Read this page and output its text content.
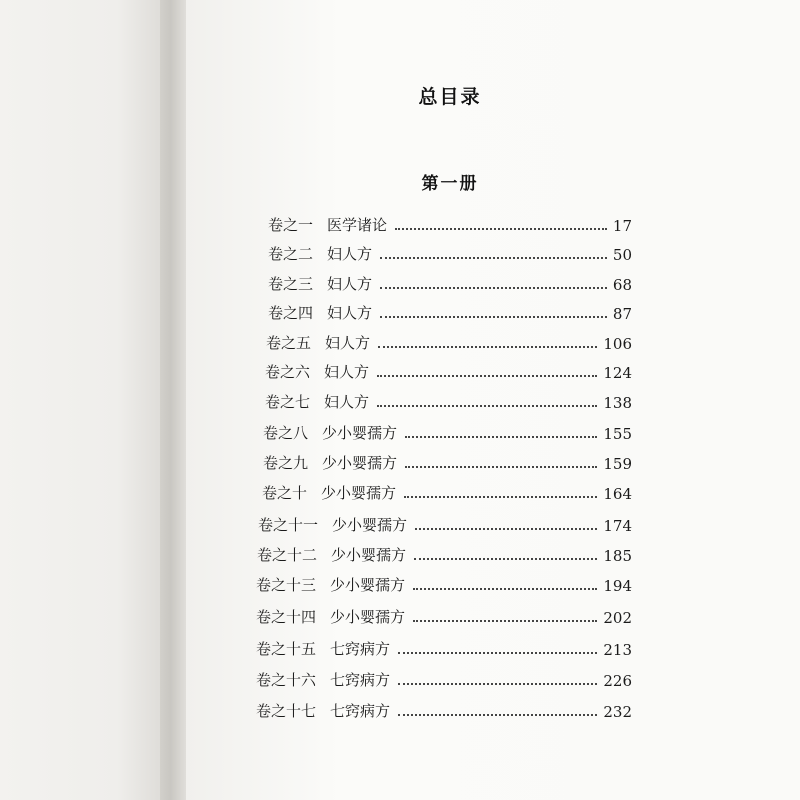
总目录
第一册
卷之一 医学诸论	17
卷之二 妇人方	50
卷之三 妇人方	68
卷之四 妇人方	87
卷之五 妇人方	106
卷之六 妇人方	124
卷之七 妇人方	138
卷之八 少小婴孺方	155
卷之九 少小婴孺方	159
卷之十 少小婴孺方	164
卷之十一 少小婴孺方	174
卷之十二 少小婴孺方	185
卷之十三 少小婴孺方	194
卷之十四 少小婴孺方	202
卷之十五 七窍病方	213
卷之十六 七窍病方	226
卷之十七 七窍病方	232
